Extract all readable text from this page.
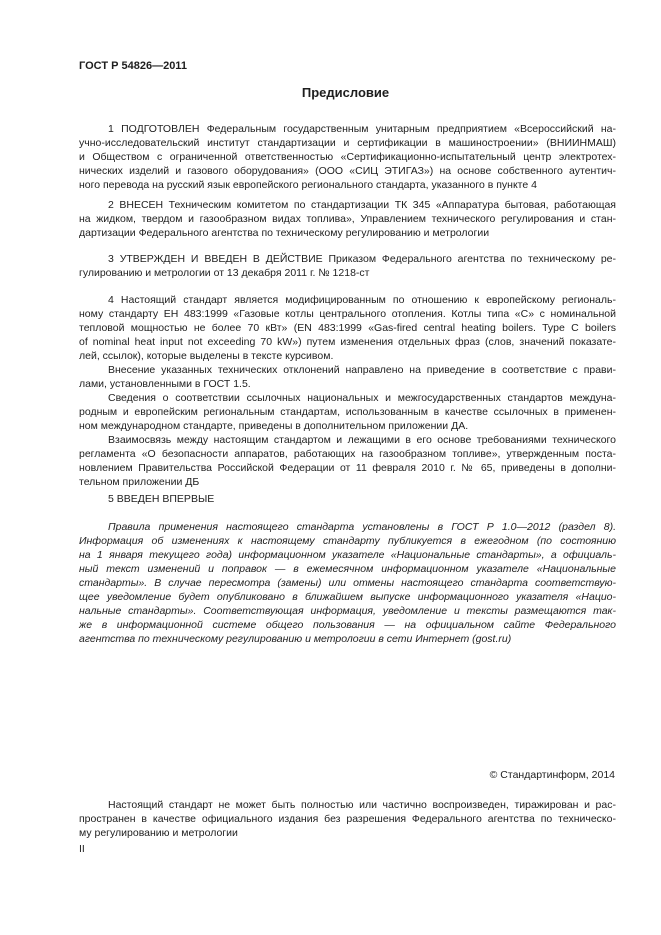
ГОСТ Р 54826—2011
Предисловие
1 ПОДГОТОВЛЕН Федеральным государственным унитарным предприятием «Всероссийский на-
учно-исследовательский институт стандартизации и сертификации в машиностроении» (ВНИИНМАШ)
и Обществом с ограниченной ответственностью «Сертификационно-испытательный центр электротех-
нических изделий и газового оборудования» (ООО «СИЦ ЭТИГАЗ») на основе собственного аутентич-
ного перевода на русский язык европейского регионального стандарта, указанного в пункте 4
2 ВНЕСЕН Техническим комитетом по стандартизации ТК 345 «Аппаратура бытовая, работающая
на жидком, твердом и газообразном видах топлива», Управлением технического регулирования и стан-
дартизации Федерального агентства по техническому регулированию и метрологии
3 УТВЕРЖДЕН И ВВЕДЕН В ДЕЙСТВИЕ Приказом Федерального агентства по техническому ре-
гулированию и метрологии от 13 декабря 2011 г. № 1218-ст
4 Настоящий стандарт является модифицированным по отношению к европейскому региональ-
ному стандарту ЕН 483:1999 «Газовые котлы центрального отопления. Котлы типа «С» с номинальной
тепловой мощностью не более 70 кВт» (EN 483:1999 «Gas-fired central heating boilers. Type C boilers
of nominal heat input not exceeding 70 kW») путем изменения отдельных фраз (слов, значений показате-
лей, ссылок), которые выделены в тексте курсивом.
Внесение указанных технических отклонений направлено на приведение в соответствие с прави-
лами, установленными в ГОСТ 1.5.
Сведения о соответствии ссылочных национальных и межгосударственных стандартов междуна-
родным и европейским региональным стандартам, использованным в качестве ссылочных в применен-
ном международном стандарте, приведены в дополнительном приложении ДА.
Взаимосвязь между настоящим стандартом и лежащими в его основе требованиями технического
регламента «О безопасности аппаратов, работающих на газообразном топливе», утвержденным поста-
новлением Правительства Российской Федерации от 11 февраля 2010 г. № 65, приведены в дополни-
тельном приложении ДБ
5 ВВЕДЕН ВПЕРВЫЕ
Правила применения настоящего стандарта установлены в ГОСТ Р 1.0—2012 (раздел 8).
Информация об изменениях к настоящему стандарту публикуется в ежегодном (по состоянию
на 1 января текущего года) информационном указателе «Национальные стандарты», а официаль-
ный текст изменений и поправок — в ежемесячном информационном указателе «Национальные
стандарты». В случае пересмотра (замены) или отмены настоящего стандарта соответствую-
щее уведомление будет опубликовано в ближайшем выпуске информационного указателя «Нацио-
нальные стандарты». Соответствующая информация, уведомление и тексты размещаются так-
же в информационной системе общего пользования — на официальном сайте Федерального
агентства по техническому регулированию и метрологии в сети Интернет (gost.ru)
© Стандартинформ, 2014
Настоящий стандарт не может быть полностью или частично воспроизведен, тиражирован и рас-
пространен в качестве официального издания без разрешения Федерального агентства по техническо-
му регулированию и метрологии
II
